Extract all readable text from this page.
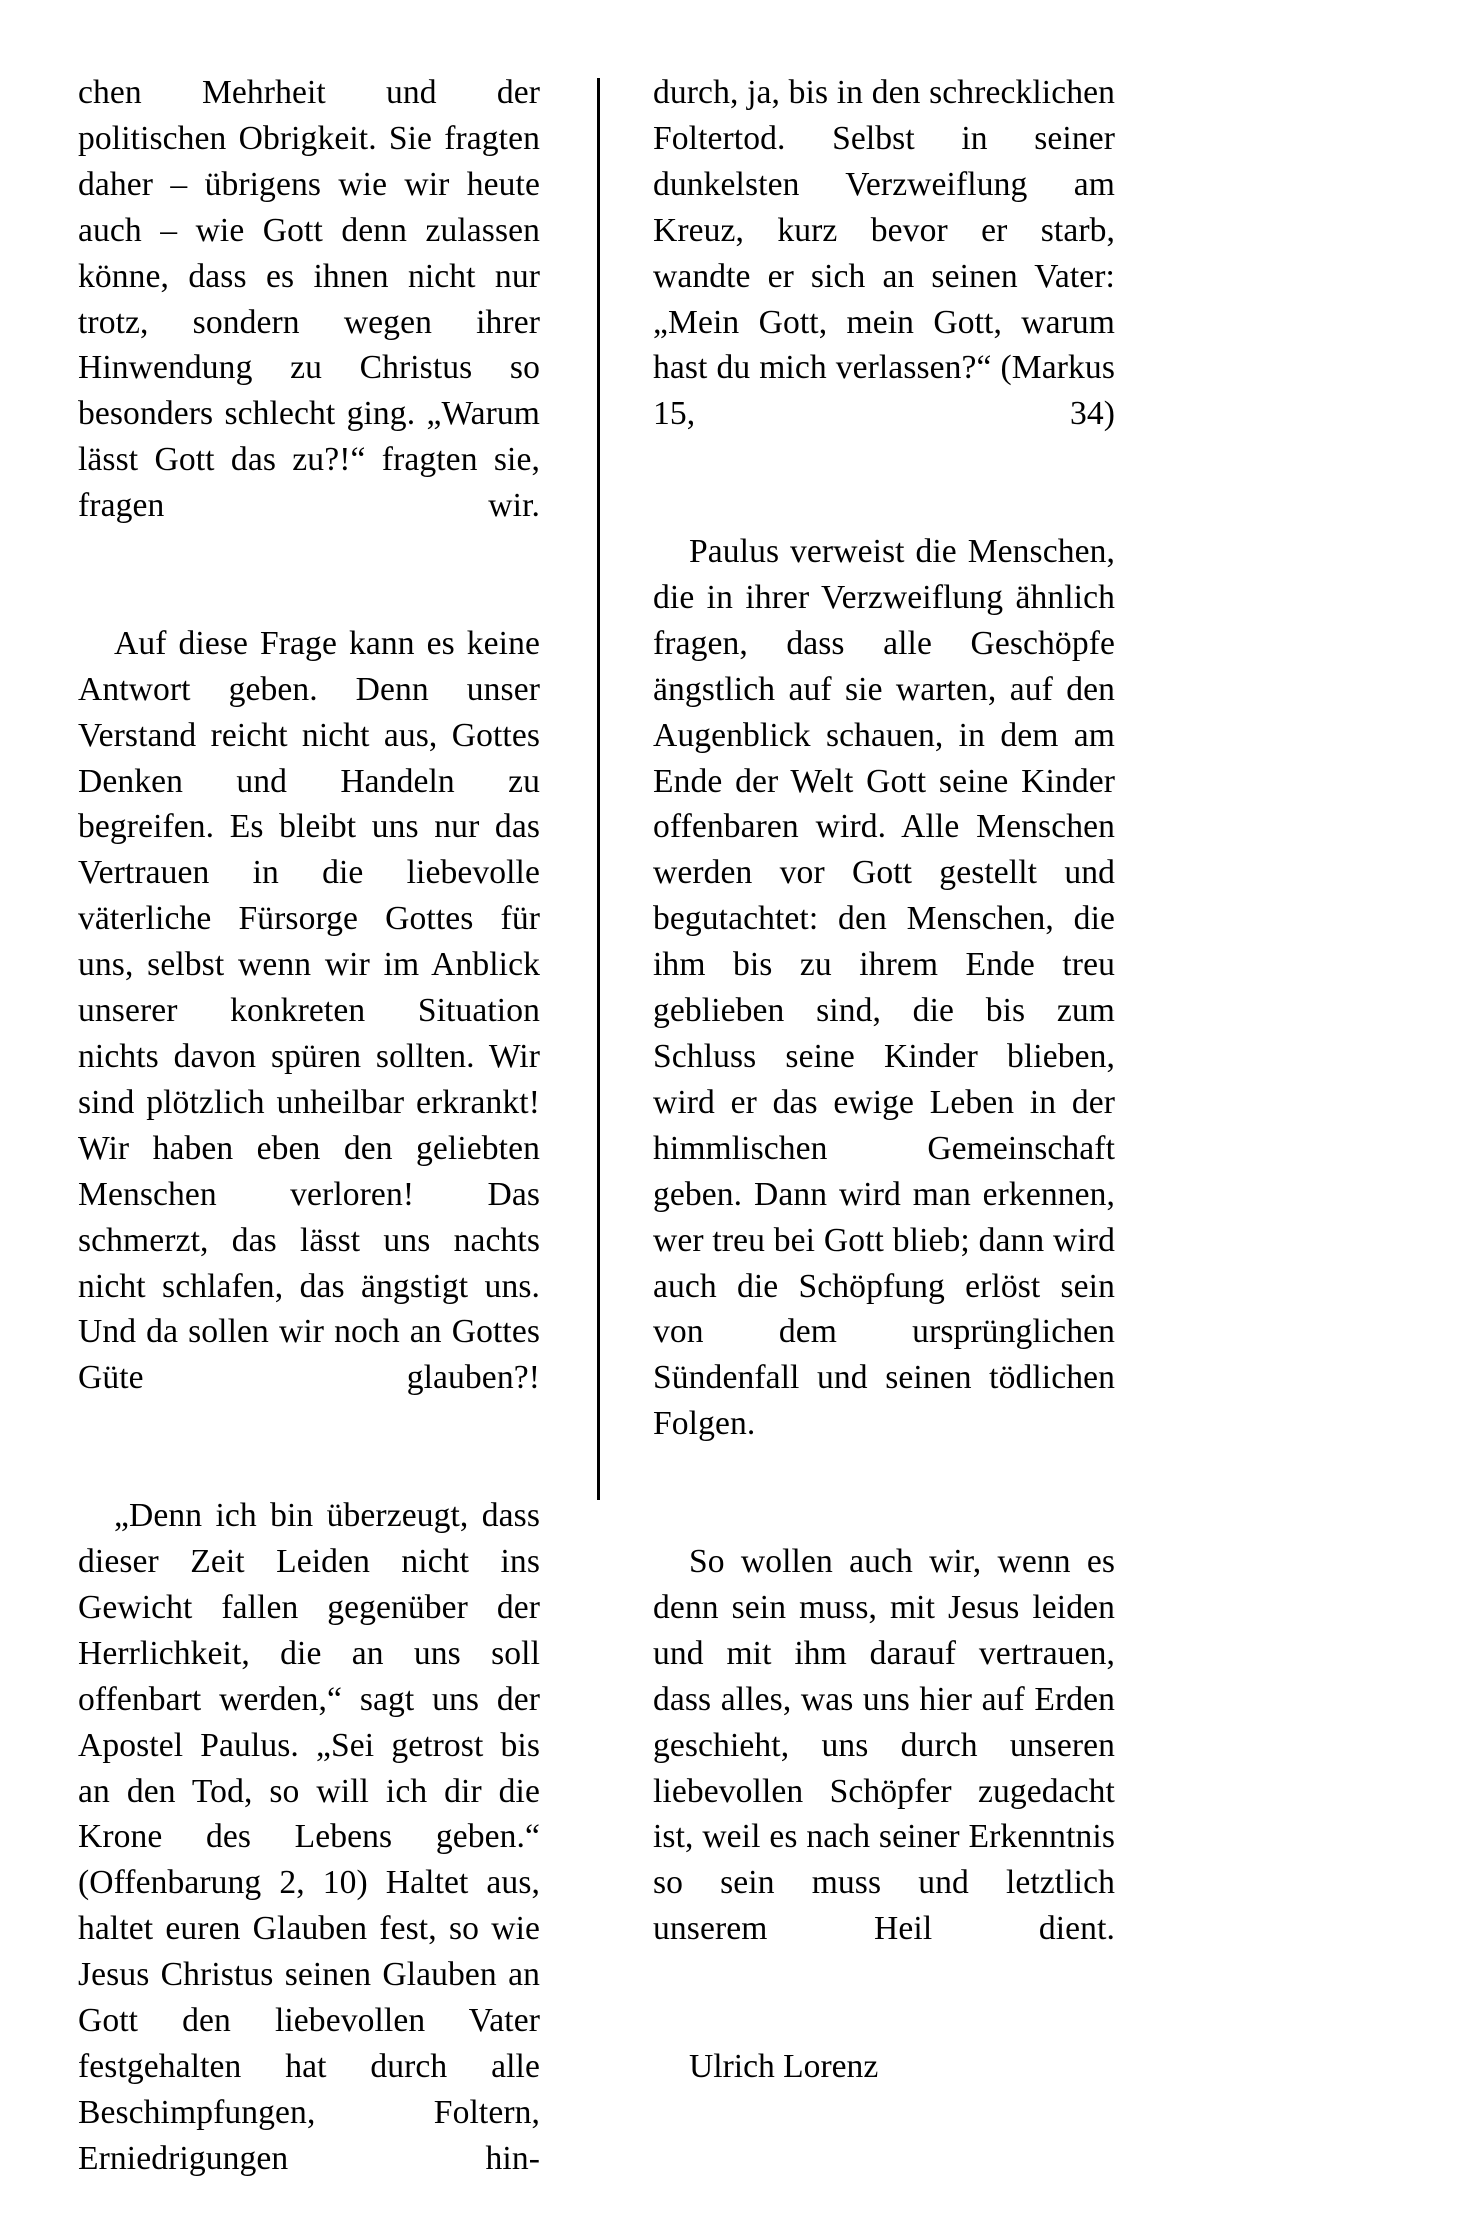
chen Mehrheit und der politischen Obrigkeit. Sie fragten daher – übrigens wie wir heute auch – wie Gott denn zulassen könne, dass es ihnen nicht nur trotz, sondern wegen ihrer Hinwendung zu Christus so besonders schlecht ging. „Warum lässt Gott das zu?!“ fragten sie, fragen wir.

Auf diese Frage kann es keine Antwort geben. Denn unser Verstand reicht nicht aus, Gottes Denken und Handeln zu begreifen. Es bleibt uns nur das Vertrauen in die liebevolle väterliche Fürsorge Gottes für uns, selbst wenn wir im Anblick unserer konkreten Situation nichts davon spüren sollten. Wir sind plötzlich unheilbar erkrankt! Wir haben eben den geliebten Menschen verloren! Das schmerzt, das lässt uns nachts nicht schlafen, das ängstigt uns. Und da sollen wir noch an Gottes Güte glauben?!

„Denn ich bin überzeugt, dass dieser Zeit Leiden nicht ins Gewicht fallen gegenüber der Herrlichkeit, die an uns soll offenbart werden,“ sagt uns der Apostel Paulus. „Sei getrost bis an den Tod, so will ich dir die Krone des Lebens geben.“ (Offenbarung 2, 10) Haltet aus, haltet euren Glauben fest, so wie Jesus Christus seinen Glauben an Gott den liebevollen Vater festgehalten hat durch alle Beschimpfungen, Foltern, Erniedrigungen hin-

durch, ja, bis in den schrecklichen Foltertod. Selbst in seiner dunkelsten Verzweiflung am Kreuz, kurz bevor er starb, wandte er sich an seinen Vater: „Mein Gott, mein Gott, warum hast du mich verlassen?“ (Markus 15, 34)

Paulus verweist die Menschen, die in ihrer Verzweiflung ähnlich fragen, dass alle Geschöpfe ängstlich auf sie warten, auf den Augenblick schauen, in dem am Ende der Welt Gott seine Kinder offenbaren wird. Alle Menschen werden vor Gott gestellt und begutachtet: den Menschen, die ihm bis zu ihrem Ende treu geblieben sind, die bis zum Schluss seine Kinder blieben, wird er das ewige Leben in der himmlischen Gemeinschaft geben. Dann wird man erkennen, wer treu bei Gott blieb; dann wird auch die Schöpfung erlöst sein von dem ursprünglichen Sündenfall und seinen tödlichen Folgen.

So wollen auch wir, wenn es denn sein muss, mit Jesus leiden und mit ihm darauf vertrauen, dass alles, was uns hier auf Erden geschieht, uns durch unseren liebevollen Schöpfer zugedacht ist, weil es nach seiner Erkenntnis so sein muss und letztlich unserem Heil dient.

Ulrich Lorenz
